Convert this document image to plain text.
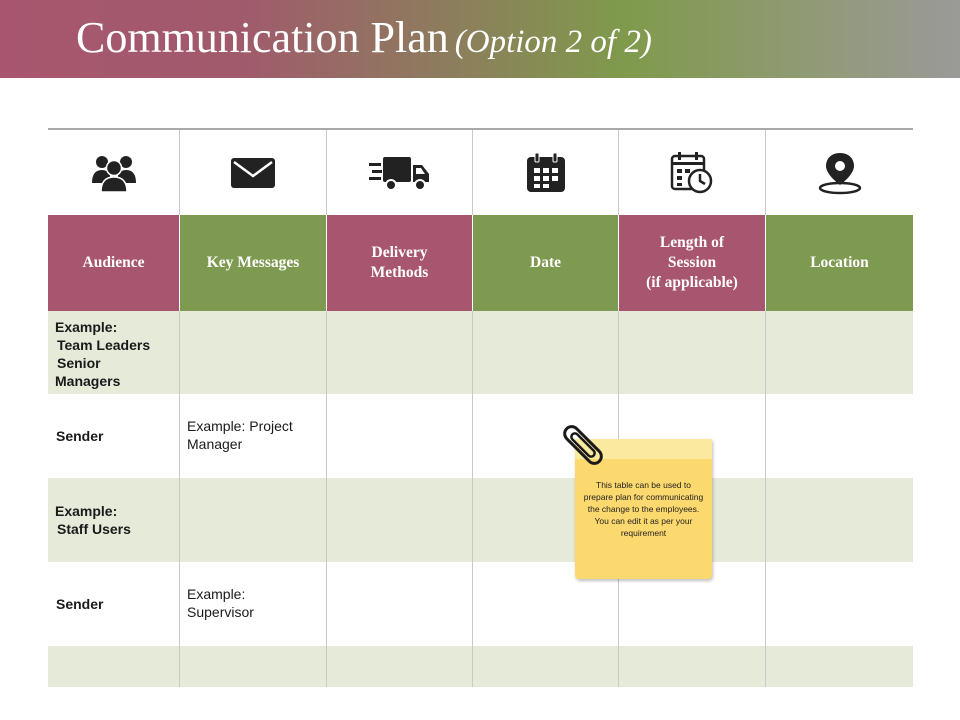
Communication Plan (Option 2 of 2)
Audience	Key Messages
Delivery
Methods
Date
Length of
Session
(if applicable)
Location
Example:
Team Leaders
Senior
Managers
Sender
Example: Project
Manager
Example:
Staff Users
Sender
Example:
Supervisor
This table can be used to prepare plan for communicating the change to the employees. You can edit it as per your requirement
